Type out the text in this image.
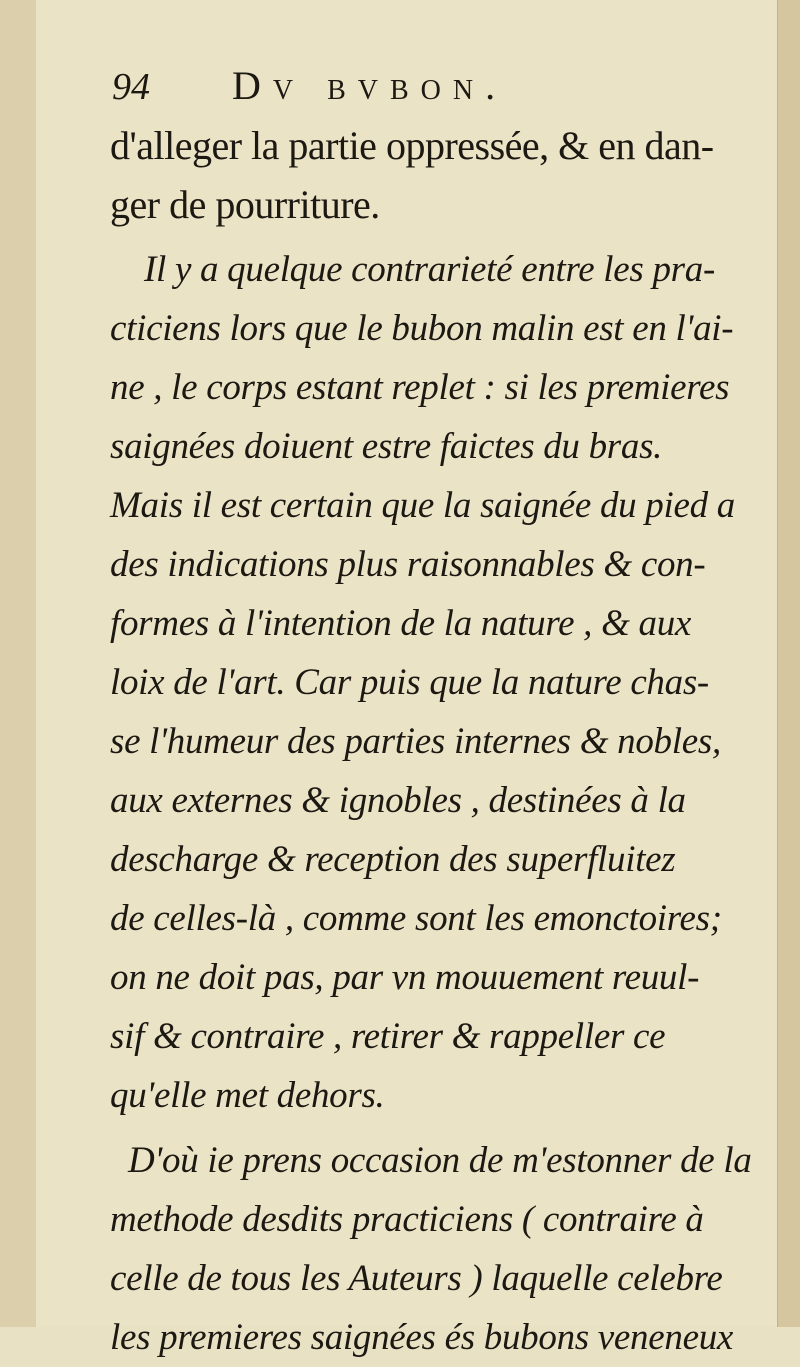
94 Dv bvbon.
d'alleger la partie oppressée, & en dan-
ger de pourriture.
Il y a quelque contrarieté entre les pra-
cticiens lors que le bubon malin est en l'ai-
ne , le corps estant replet : si les premieres
saignées doiuent estre faictes du bras.
Mais il est certain que la saignée du pied a
des indications plus raisonnables & con-
formes à l'intention de la nature , & aux
loix de l'art. Car puis que la nature chas-
se l'humeur des parties internes & nobles,
aux externes & ignobles , destinées à la
descharge & reception des superfluitez
de celles-là , comme sont les emonctoires;
on ne doit pas, par vn mouuement reuul-
sif & contraire , retirer & rappeller ce
qu'elle met dehors.
D'où ie prens occasion de m'estonner de la
methode desdits practiciens ( contraire à
celle de tous les Auteurs ) laquelle celebre
les premieres saignées és bubons veneneux
